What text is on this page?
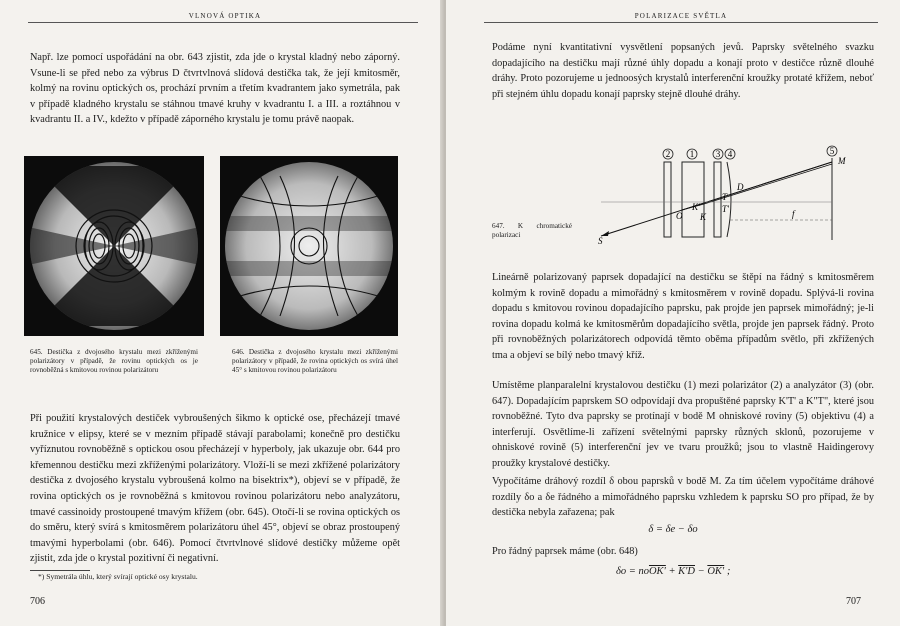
VLNOVÁ OPTIKA

Např. lze pomocí uspořádání na obr. 643 zjistit, zda jde o krystal kladný nebo záporný. Vsune-li se před nebo za výbrus D čtvrtvlnová slídová destička tak, že její kmitosměr, kolmý na rovinu optických os, prochází prvním a třetím kvadrantem jako symetrála, pak v případě kladného krystalu se stáhnou tmavé kruhy v kvadrantu I. a III. a roztáhnou v kvadrantu II. a IV., kdežto v případě záporného krystalu je tomu právě naopak.

645. Destička z dvojosého krystalu mezi zkříženými polarizátory v případě, že rovinu optických os je rovnoběžná s kmitovou rovinou polarizátoru

646. Destička z dvojosého krystalu mezi zkříženými polarizátory v případě, že rovina optických os svírá úhel 45° s kmitovou rovinou polarizátoru

Při použití krystalových destiček vybroušených šikmo k optické ose, přecházejí tmavé kružnice v elipsy, které se v mezním případě stávají parabolami; konečně pro destičku vyříznutou rovnoběžně s optickou osou přecházejí v hyperboly, jak ukazuje obr. 644 pro křemennou destičku mezi zkříženými polarizátory. Vloží-li se mezi zkřížené polarizátory destička z dvojosého krystalu vybroušená kolmo na bisektrix*), objeví se v případě, že rovina optických os je rovnoběžná s kmitovou rovinou polarizátoru nebo analyzátoru, tmavé cassinoidy prostoupené tmavým křížem (obr. 645). Otočí-li se rovina optických os do směru, který svírá s kmitosměrem polarizátoru úhel 45°, objeví se obraz prostoupený tmavými hyperbolami (obr. 646). Pomocí čtvrtvlnové slídové destičky můžeme opět zjistit, zda jde o krystal pozitivní či negativní.

*) Symetrála úhlu, který svírají optické osy krystalu.
706
POLARIZACE SVĚTLA

Podáme nyní kvantitativní vysvětlení popsaných jevů. Paprsky světelného svazku dopadajícího na destičku mají různé úhly dopadu a konají proto v destičce různě dlouhé dráhy. Proto pozorujeme u jednoosých krystalů interferenční kroužky protaté křížem, neboť při stejném úhlu dopadu konají paprsky stejně dlouhé dráhy.

2 1 3 4	5
S
O K
K'
T
T'
D
M
f

647. K chromatické polarizaci

Lineárně polarizovaný paprsek dopadající na destičku se štěpí na řádný s kmitosměrem kolmým k rovině dopadu a mimořádný s kmitosměrem v rovině dopadu. Splývá-li rovina dopadu s kmitovou rovinou dopadajícího paprsku, pak projde jen paprsek mimořádný; je-li rovina dopadu kolmá ke kmitosměrům dopadajícího světla, projde jen paprsek řádný. Proto při rovnoběžných polarizátorech odpovídá těmto oběma případům světlo, při zkřížených tma a objeví se bílý nebo tmavý kříž.

Umístěme planparalelní krystalovou destičku (1) mezi polarizátor (2) a analyzátor (3) (obr. 647). Dopadajícím paprskem SO odpovídají dva propuštěné paprsky K'T' a K"T", které jsou rovnoběžné. Tyto dva paprsky se protínají v bodě M ohniskové roviny (5) objektivu (4) a interferují. Osvětlíme-li zařízení světelnými paprsky různých sklonů, pozorujeme v ohniskové rovině (5) interferenční jev ve tvaru proužků; jsou to vlastně Haidingerovy proužky krystalové destičky.

Vypočítáme dráhový rozdíl δ obou paprsků v bodě M. Za tím účelem vypočítáme dráhové rozdíly δo a δe řádného a mimořádného paprsku vzhledem k paprsku SO pro případ, že by destička nebyla zařazena; pak

δ = δe − δo

Pro řádný paprsek máme (obr. 648)

δo = noOK' + K'D − OK' ;
707
